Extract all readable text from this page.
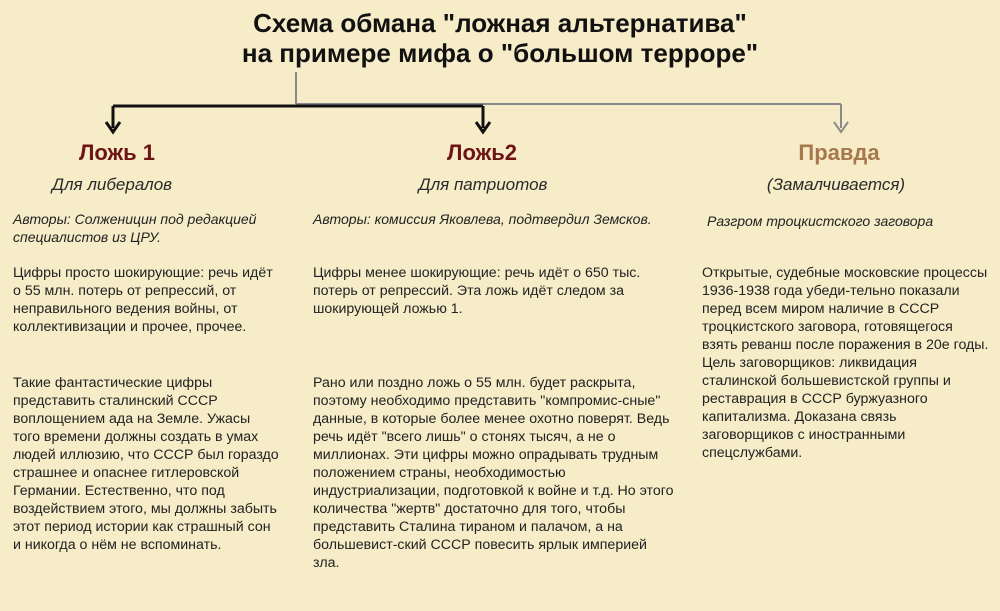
Схема обмана "ложная альтернатива"
на примере мифа о "большом терроре"
Ложь 1
Для либералов
Авторы: Солженицин под редакцией специалистов из ЦРУ.
Цифры просто шокирующие: речь идёт о 55 млн. потерь от репрессий, от неправильного ведения войны, от коллективизации и прочее, прочее.
Такие фантастические цифры представить сталинский СССР воплощением ада на Земле. Ужасы того времени должны создать в умах людей иллюзию, что СССР был гораздо страшнее и опаснее гитлеровской Германии. Естественно, что под воздействием этого, мы должны забыть этот период истории как страшный сон и никогда о нём не вспоминать.
Ложь2
Для патриотов
Авторы: комиссия Яковлева, подтвердил Земсков.
Цифры менее шокирующие: речь идёт о 650 тыс. потерь от репрессий. Эта ложь идёт следом за шокирующей ложью 1.
Рано или поздно ложь о 55 млн. будет раскрыта, поэтому необходимо представить "компромис-сные" данные, в которые более менее охотно поверят. Ведь речь идёт "всего лишь" о стонях тысяч, а не о миллионах. Эти цифры можно опрадывать трудным положением страны, необходимостью индустриализации, подготовкой к войне и т.д. Но этого количества "жертв" достаточно для того, чтобы представить Сталина тираном и палачом, а на большевист-ский СССР повесить ярлык империей зла.
Правда
(Замалчивается)
Разгром троцкистского заговора
Открытые, судебные московские процессы 1936-1938 года убеди-тельно показали перед всем миром наличие в СССР троцкистского заговора, готовящегося взять реванш после поражения в 20е годы. Цель заговорщиков: ликвидация сталинской большевистской группы и реставрация в СССР буржуазного капитализма. Доказана связь заговорщиков с иностранными спецслужбами.
